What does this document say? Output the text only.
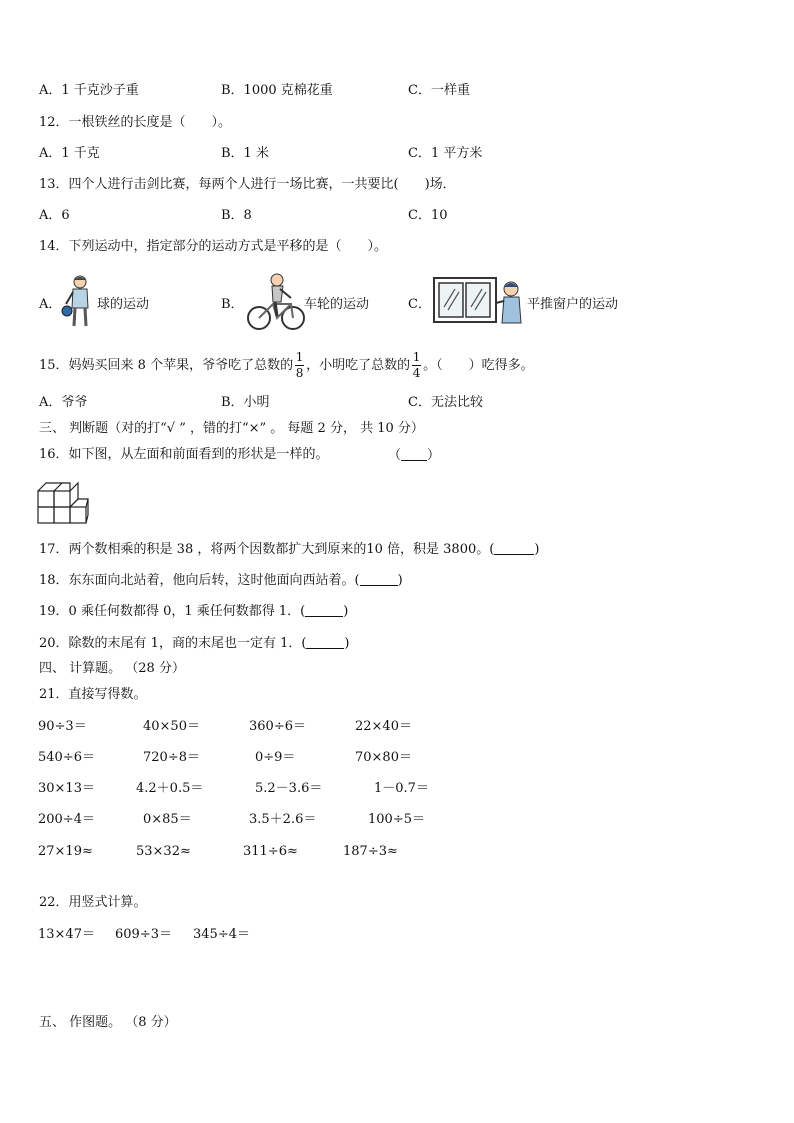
A．1 千克沙子重	B．1000 克棉花重	C．一样重
12．一根铁丝的长度是（　　）。
A．1 千克	B．1 米	C．1 平方米
13．四个人进行击剑比赛，每两个人进行一场比赛，一共要比(　　)场．
A．6	B．8	C．10
14．下列运动中，指定部分的运动方式是平移的是（　　）。
A．	球的运动	B．	车轮的运动	C．	平推窗户的运动
15．妈妈买回来 8 个苹果，爷爷吃了总数的 $\frac{1}{8}$ ，小明吃了总数的 $\frac{1}{4}$ 。（　　）吃得多。
A．爷爷	B．小明	C．无法比较
三、 判断题（对的打“√ ” ，错的打“×” 。 每题 2 分， 共 10 分）
16．如下图，从左面和前面看到的形状是一样的。	（ ）
17．两个数相乘的积是 38 ，将两个因数都扩大到原来的10 倍，积是 3800。(	)
18．东东面向北站着，他向后转，这时他面向西站着。(	)
19．0 乘任何数都得 0，1 乘任何数都得 1．(	)
20．除数的末尾有 1，商的末尾也一定有 1．(	)
四、 计算题。 （28 分）
21．直接写得数。
90÷3＝	40×50＝	360÷6＝	22×40＝
540÷6＝	720÷8＝	0÷9＝	70×80＝
30×13＝	4.2＋0.5＝	5.2－3.6＝	1－0.7＝
200÷4＝	0×85＝	3.5＋2.6＝	100÷5＝
27×19≈	53×32≈	311÷6≈	187÷3≈
22．用竖式计算。
13×47＝ 609÷3＝ 345÷4＝
五、 作图题。 （8 分）
